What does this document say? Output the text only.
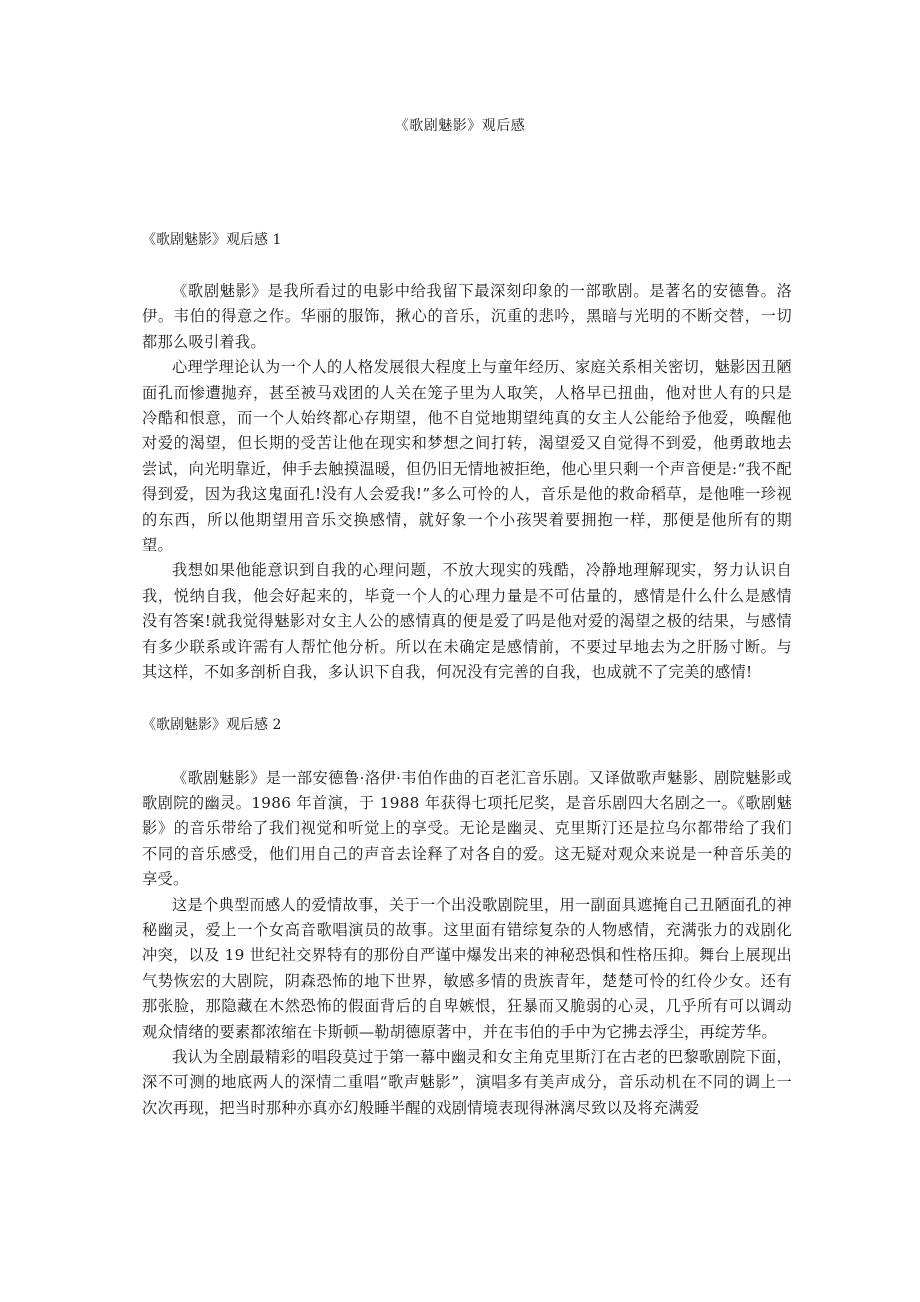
《歌剧魅影》观后感

《歌剧魅影》观后感 1

《歌剧魅影》是我所看过的电影中给我留下最深刻印象的一部歌剧。是著名的安德鲁。洛伊。韦伯的得意之作。华丽的服饰，揪心的音乐，沉重的悲吟，黑暗与光明的不断交替，一切都那么吸引着我。

心理学理论认为一个人的人格发展很大程度上与童年经历、家庭关系相关密切，魅影因丑陋面孔而惨遭抛弃，甚至被马戏团的人关在笼子里为人取笑，人格早已扭曲，他对世人有的只是冷酷和恨意，而一个人始终都心存期望，他不自觉地期望纯真的女主人公能给予他爱，唤醒他对爱的渴望，但长期的受苦让他在现实和梦想之间打转，渴望爱又自觉得不到爱，他勇敢地去尝试，向光明靠近，伸手去触摸温暖，但仍旧无情地被拒绝，他心里只剩一个声音便是:“我不配得到爱，因为我这鬼面孔!没有人会爱我!”多么可怜的人，音乐是他的救命稻草，是他唯一珍视的东西，所以他期望用音乐交换感情，就好象一个小孩哭着要拥抱一样，那便是他所有的期望。

我想如果他能意识到自我的心理问题，不放大现实的残酷，冷静地理解现实，努力认识自我，悦纳自我，他会好起来的，毕竟一个人的心理力量是不可估量的，感情是什么什么是感情没有答案!就我觉得魅影对女主人公的感情真的便是爱了吗是他对爱的渴望之极的结果，与感情有多少联系或许需有人帮忙他分析。所以在未确定是感情前，不要过早地去为之肝肠寸断。与其这样，不如多剖析自我，多认识下自我，何况没有完善的自我，也成就不了完美的感情!

《歌剧魅影》观后感 2

《歌剧魅影》是一部安德鲁·洛伊·韦伯作曲的百老汇音乐剧。又译做歌声魅影、剧院魅影或歌剧院的幽灵。1986 年首演，于 1988 年获得七项托尼奖，是音乐剧四大名剧之一。《歌剧魅影》的音乐带给了我们视觉和听觉上的享受。无论是幽灵、克里斯汀还是拉乌尔都带给了我们不同的音乐感受，他们用自己的声音去诠释了对各自的爱。这无疑对观众来说是一种音乐美的享受。

这是个典型而感人的爱情故事，关于一个出没歌剧院里，用一副面具遮掩自己丑陋面孔的神秘幽灵，爱上一个女高音歌唱演员的故事。这里面有错综复杂的人物感情，充满张力的戏剧化冲突，以及 19 世纪社交界特有的那份自严谨中爆发出来的神秘恐惧和性格压抑。舞台上展现出气势恢宏的大剧院，阴森恐怖的地下世界，敏感多情的贵族青年，楚楚可怜的红伶少女。还有那张脸，那隐藏在木然恐怖的假面背后的自卑嫉恨，狂暴而又脆弱的心灵，几乎所有可以调动观众情绪的要素都浓缩在卡斯顿—勒胡德原著中，并在韦伯的手中为它拂去浮尘，再绽芳华。

我认为全剧最精彩的唱段莫过于第一幕中幽灵和女主角克里斯汀在古老的巴黎歌剧院下面，深不可测的地底两人的深情二重唱“歌声魅影”，演唱多有美声成分，音乐动机在不同的调上一次次再现，把当时那种亦真亦幻般睡半醒的戏剧情境表现得淋漓尽致以及将充满爱
